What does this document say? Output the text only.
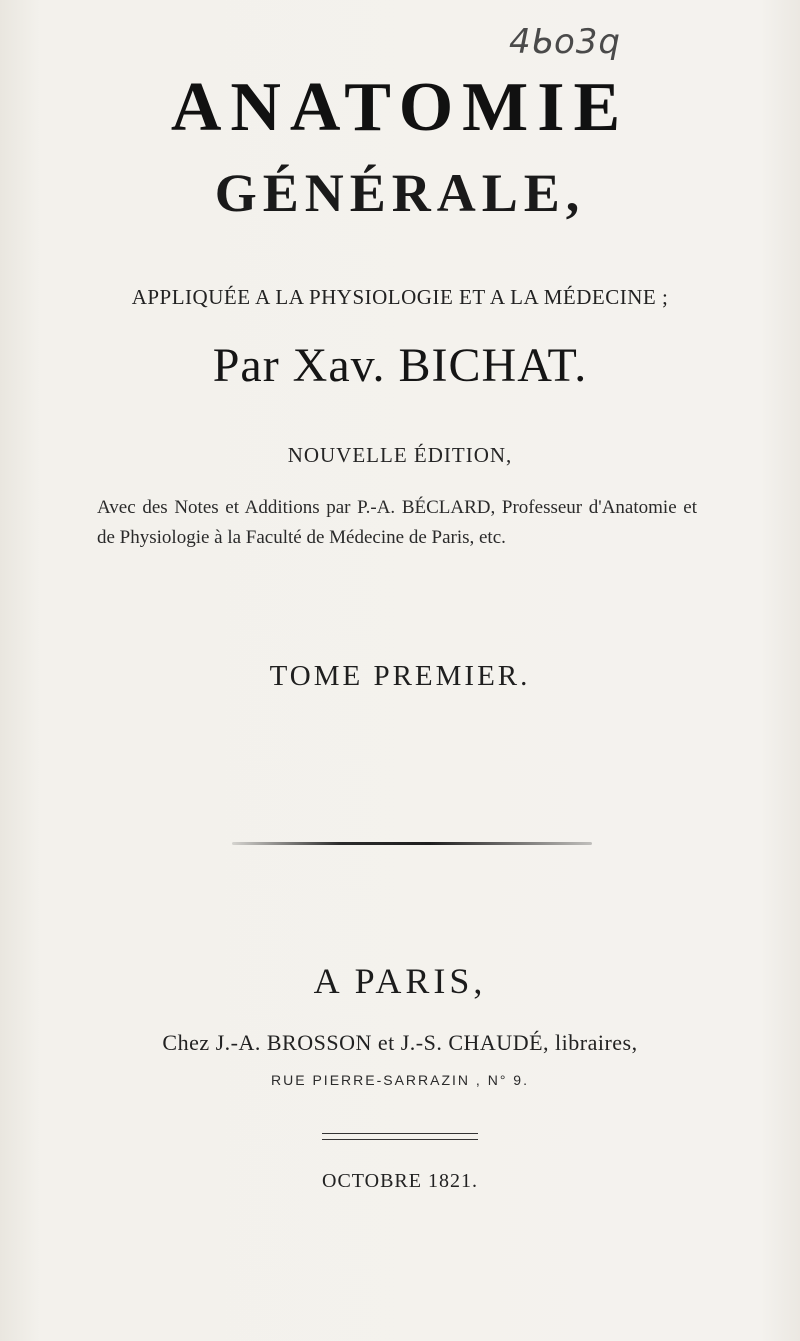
4ᑲo3q
ANATOMIE
GÉNÉRALE,
APPLIQUÉE A LA PHYSIOLOGIE ET A LA MÉDECINE ;
Par Xav. BICHAT.
NOUVELLE ÉDITION,
Avec des Notes et Additions par P.-A. BÉCLARD, Professeur d'Anatomie et de Physiologie à la Faculté de Médecine de Paris, etc.
TOME PREMIER.
A PARIS,
Chez J.-A. BROSSON et J.-S. CHAUDÉ, libraires,
RUE PIERRE-SARRAZIN , N° 9.
OCTOBRE 1821.
